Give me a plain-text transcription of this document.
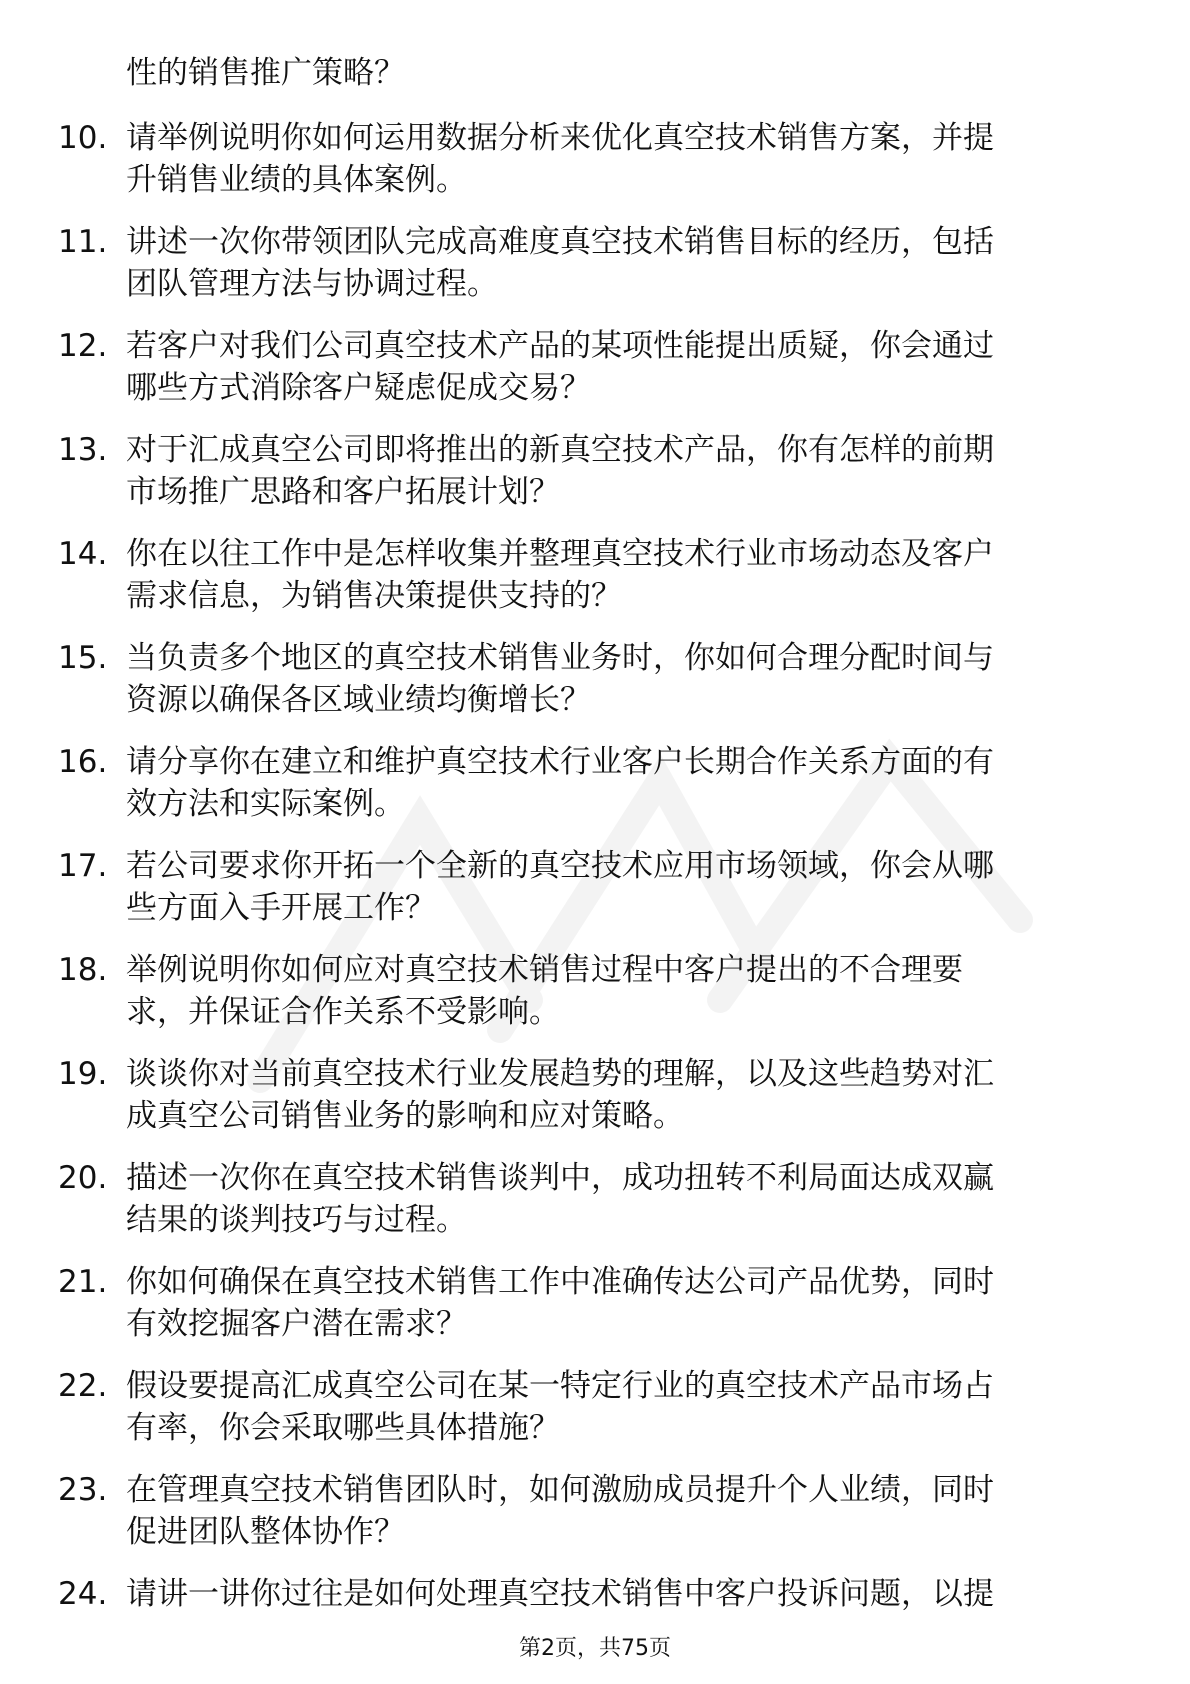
性的销售推广策略？
10. 请举例说明你如何运用数据分析来优化真空技术销售方案，并提
升销售业绩的具体案例。
11. 讲述一次你带领团队完成高难度真空技术销售目标的经历，包括
团队管理方法与协调过程。
12. 若客户对我们公司真空技术产品的某项性能提出质疑，你会通过
哪些方式消除客户疑虑促成交易？
13. 对于汇成真空公司即将推出的新真空技术产品，你有怎样的前期
市场推广思路和客户拓展计划？
14. 你在以往工作中是怎样收集并整理真空技术行业市场动态及客户
需求信息，为销售决策提供支持的？
15. 当负责多个地区的真空技术销售业务时，你如何合理分配时间与
资源以确保各区域业绩均衡增长？
16. 请分享你在建立和维护真空技术行业客户长期合作关系方面的有
效方法和实际案例。
17. 若公司要求你开拓一个全新的真空技术应用市场领域，你会从哪
些方面入手开展工作？
18. 举例说明你如何应对真空技术销售过程中客户提出的不合理要
求，并保证合作关系不受影响。
19. 谈谈你对当前真空技术行业发展趋势的理解，以及这些趋势对汇
成真空公司销售业务的影响和应对策略。
20. 描述一次你在真空技术销售谈判中，成功扭转不利局面达成双赢
结果的谈判技巧与过程。
21. 你如何确保在真空技术销售工作中准确传达公司产品优势，同时
有效挖掘客户潜在需求？
22. 假设要提高汇成真空公司在某一特定行业的真空技术产品市场占
有率，你会采取哪些具体措施？
23. 在管理真空技术销售团队时，如何激励成员提升个人业绩，同时
促进团队整体协作？
24. 请讲一讲你过往是如何处理真空技术销售中客户投诉问题，以提
第2页，共75页
